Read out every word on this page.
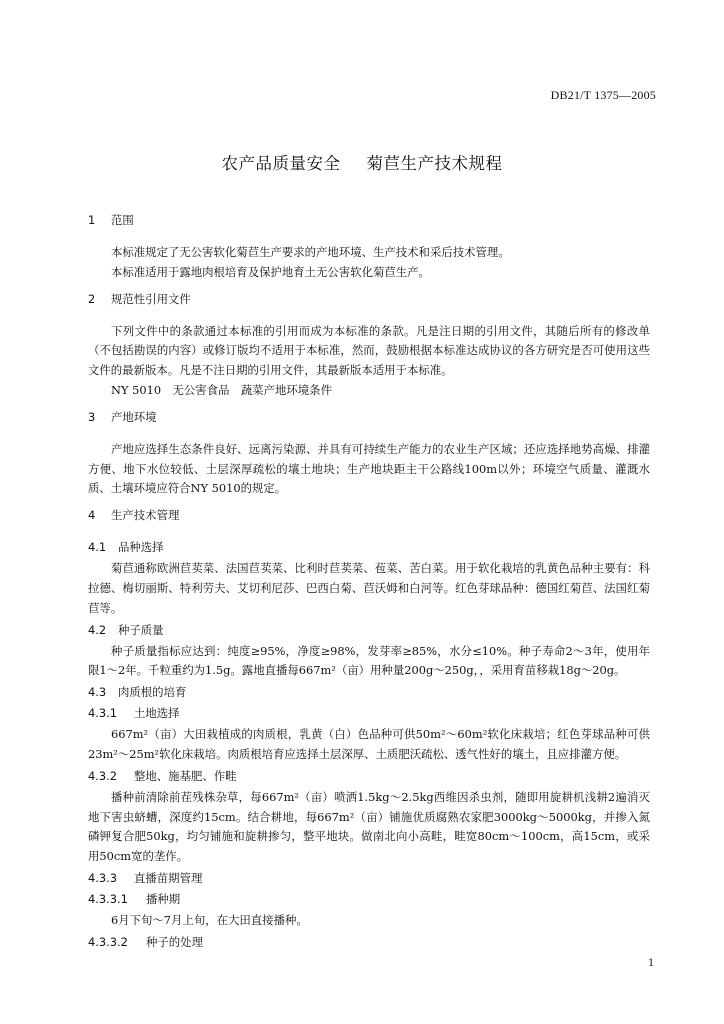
DB21/T 1375—2005
农产品质量安全 菊苣生产技术规程

1 范围

本标准规定了无公害软化菊苣生产要求的产地环境、生产技术和采后技术管理。

本标准适用于露地肉根培育及保护地育土无公害软化菊苣生产。

2 规范性引用文件

下列文件中的条款通过本标准的引用而成为本标准的条款。凡是注日期的引用文件，其随后所有的修改单（不包括勘误的内容）或修订版均不适用于本标准，然而，鼓励根据本标准达成协议的各方研究是否可使用这些文件的最新版本。凡是不注日期的引用文件，其最新版本适用于本标准。

NY 5010　无公害食品　蔬菜产地环境条件

3 产地环境

产地应选择生态条件良好、远离污染源、并具有可持续生产能力的农业生产区域；还应选择地势高燥、排灌方便、地下水位较低、土层深厚疏松的壤土地块；生产地块距主干公路线100m以外；环境空气质量、灌溉水质、土壤环境应符合NY 5010的规定。

4 生产技术管理

4.1 品种选择

菊苣通称欧洲苣荬菜、法国苣荬菜、比利时苣荬菜、苞菜、苦白菜。用于软化栽培的乳黄色品种主要有：科拉德、梅切丽斯、特利劳夫、艾切利尼莎、巴西白菊、苣沃姆和白河等。红色芽球品种：德国红菊苣、法国红菊苣等。

4.2 种子质量

种子质量指标应达到：纯度≥95%，净度≥98%，发芽率≥85%，水分≤10%。种子寿命2～3年，使用年限1～2年。千粒重约为1.5g。露地直播每667m²（亩）用种量200g～250g，，采用育苗移栽18g～20g。

4.3 肉质根的培育

4.3.1 土地选择

667m²（亩）大田栽植成的肉质根，乳黄（白）色品种可供50m²～60m²软化床栽培；红色芽球品种可供23m²～25m²软化床栽培。肉质根培育应选择土层深厚、土质肥沃疏松、透气性好的壤土，且应排灌方便。

4.3.2 整地、施基肥、作畦

播种前清除前茬残株杂草，每667m²（亩）喷洒1.5kg～2.5kg西维因杀虫剂，随即用旋耕机浅耕2遍消灭地下害虫蛴螬，深度约15cm。结合耕地，每667m²（亩）铺施优质腐熟农家肥3000kg～5000kg，并掺入氮磷钾复合肥50kg，均匀铺施和旋耕掺匀，整平地块。做南北向小高畦，畦宽80cm～100cm，高15cm，或采用50cm宽的垄作。

4.3.3 直播苗期管理

4.3.3.1 播种期

6月下旬～7月上旬，在大田直接播种。

4.3.3.2 种子的处理

1
